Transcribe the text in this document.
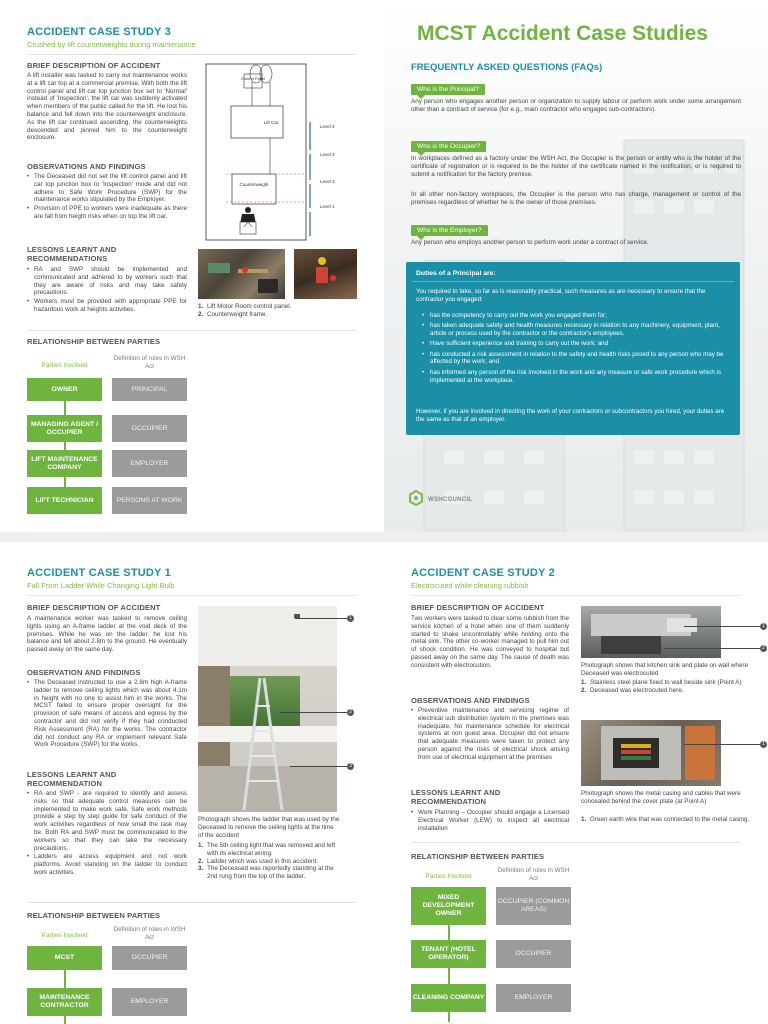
ACCIDENT CASE STUDY 3
Crushed by lift counterweights during maintenance
BRIEF DESCRIPTION OF ACCIDENT
A lift installer was tasked to carry out maintenance works at a lift car top at a commercial premise. With both the lift control panel and lift car top junction box set to 'Normal' instead of 'Inspection', the lift car was suddenly activated when members of the public called for the lift. He lost his balance and fell down into the counterweight enclosure. As the lift car continued ascending, the counterweights descended and pinned him to the counterweight enclosure.
OBSERVATIONS AND FINDINGS
• The Deceased did not set the lift control panel and lift car top junction box to 'Inspection' mode and did not adhere to Safe Work Procedure (SWP) for the maintenance works stipulated by the Employer.
• Provision of PPE to workers were inadequate as there are fall from height risks when on top the lift car.
LESSONS LEARNT AND
RECOMMENDATIONS
• RA and SWP should be implemented and communicated and adhered to by workers such that they are aware of risks and may take safety precautions.
• Workers must be provided with appropriate PPE for hazardous work at heights activities.
Control Panel
Lift Car
Counterweight
Level 4
Level 3
Level 2
Level 1
1. Lift Motor Room control panel.
2. Counterweight frame.
RELATIONSHIP BETWEEN PARTIES
Parties Involved
Definition of roles in WSH Act
OWNER
MANAGING AGENT / OCCUPIER
LIFT MAINTENANCE COMPANY
LIFT TECHNICIAN
PRINCIPAL
OCCUPIER
EMPLOYER
PERSONS AT WORK
MCST Accident Case Studies
FREQUENTLY ASKED QUESTIONS (FAQs)
Who is the Principal?
Any person who engages another person or organization to supply labour or perform work under some arrangement other than a contract of service (for e.g., main contractor who engages sub-contractors).
Who is the Occupier?
In workplaces defined as a factory under the WSH Act, the Occupier is the person or entity who is the holder of the certificate of registration or is required to be the holder of the certificate named in the notification, or is required to submit a notification for the factory premise.
In all other non-factory workplaces, the Occupier is the person who has charge, management or control of the premises regardless of whether he is the owner of those premises.
Who is the Employer?
Any person who employs another person to perform work under a contract of service.
Duties of a Principal are:
You required to take, so far as is reasonably practical, such measures as are necessary to ensure that the contractor you engaged:
• has the competency to carry out the work you engaged them for;
• has taken adequate safety and health measures necessary in relation to any machinery, equipment, plant, article or process used by the contractor or the contractor's employees.
• Have sufficient experience and training to carry out the work; and
• has conducted a risk assessment in relation to the safety and health risks posed to any person who may be affected by the work; and
• has informed any person of the risk involved in the work and any measure or safe work procedure which is implemented at the workplace.
However, if you are involved in directing the work of your contractors or subcontractors you hired, your duties are the same as that of an employer.
WSHCOUNCIL
ACCIDENT CASE STUDY 1
Fall From Ladder While Changing Light Bulb
BRIEF DESCRIPTION OF ACCIDENT
A maintenance worker was tasked to remove ceiling lights using an A-frame ladder at the void deck of the premises. While he was on the ladder, he lost his balance and fell about 2.8m to the ground. He eventually passed away on the same day.
OBSERVATION AND FINDINGS
• The Deceased instructed to use a 2.8m high A-frame ladder to remove ceiling lights which was about 4.1m in height with no one to assist him in the works. The MCST failed to ensure proper oversight for the provision of safe means of access and egress by the contractor and did not verify if they had conducted Risk Assessment (RA) for the works. The contractor did not conduct any RA or implement relevant Safe Work Procedure (SWP) for the works.
LESSONS LEARNT AND
RECOMMENDATION
• RA and SWP - are required to identify and assess risks so that adequate control measures can be implemented to make work safe. Safe work methods provide a step by step guide for safe conduct of the work activities regardless of how small the task may be. Both RA and SWP must be communicated to the workers so that they can take the necessary precautions.
• Ladders are access equipment and not work platforms. Avoid standing on the ladder to conduct work activities.
1
2
3
Photograph shows the ladder that was used by the Deceased to remove the ceiling lights at the time of the accident
1. The 5th ceiling light that was removed and left with its electrical wiring.
2. Ladder which was used in this accident.
3. The Deceased was reportedly standing at the 2nd rung from the top of the ladder.
RELATIONSHIP BETWEEN PARTIES
Parties Involved
Definition of roles in WSH Act
MCST
MAINTENANCE CONTRACTOR
OCCUPIER
EMPLOYER
ACCIDENT CASE STUDY 2
Electrocuted while cleaning rubbish
BRIEF DESCRIPTION OF ACCIDENT
Two workers were tasked to clear some rubbish from the service kitchen of a hotel when one of them suddenly started to shake uncontrollably while holding onto the metal sink. The other co-worker managed to pull him out of shock condition. He was conveyed to hospital but passed away on the same day. The cause of death was consistent with electrocution.
OBSERVATIONS AND FINDINGS
• Preventive maintenance and servicing regime of electrical sub distribution system in the premises was inadequate. No maintenance schedule for electrical systems at non guest area. Occupier did not ensure that adequate measures were taken to protect any person against the risks of electrical shock arising from use of electrical equipment at the premises
LESSONS LEARNT AND
RECOMMENDATION
• Work Planning – Occupier should engage a Licensed Electrical Worker (LEW) to inspect all electrical installation
1
2
Photograph shows that kitchen sink and plate on wall where Deceased was electrocuted
1. Stainless steel plane fixed to wall beside sink (Point A)
2. Deceased was electrocuted here.
1
Photograph shows the metal casing and cables that were concealed behind the cover plate (at Point A)
1. Green earth wire that was connected to the metal casing.
RELATIONSHIP BETWEEN PARTIES
Parties Involved
Definition of roles in WSH Act
MIXED DEVELOPMENT OWNER
TENANT (HOTEL OPERATOR)
CLEANING COMPANY
OCCUPIER (COMMON AREAS)
OCCUPIER
EMPLOYER
